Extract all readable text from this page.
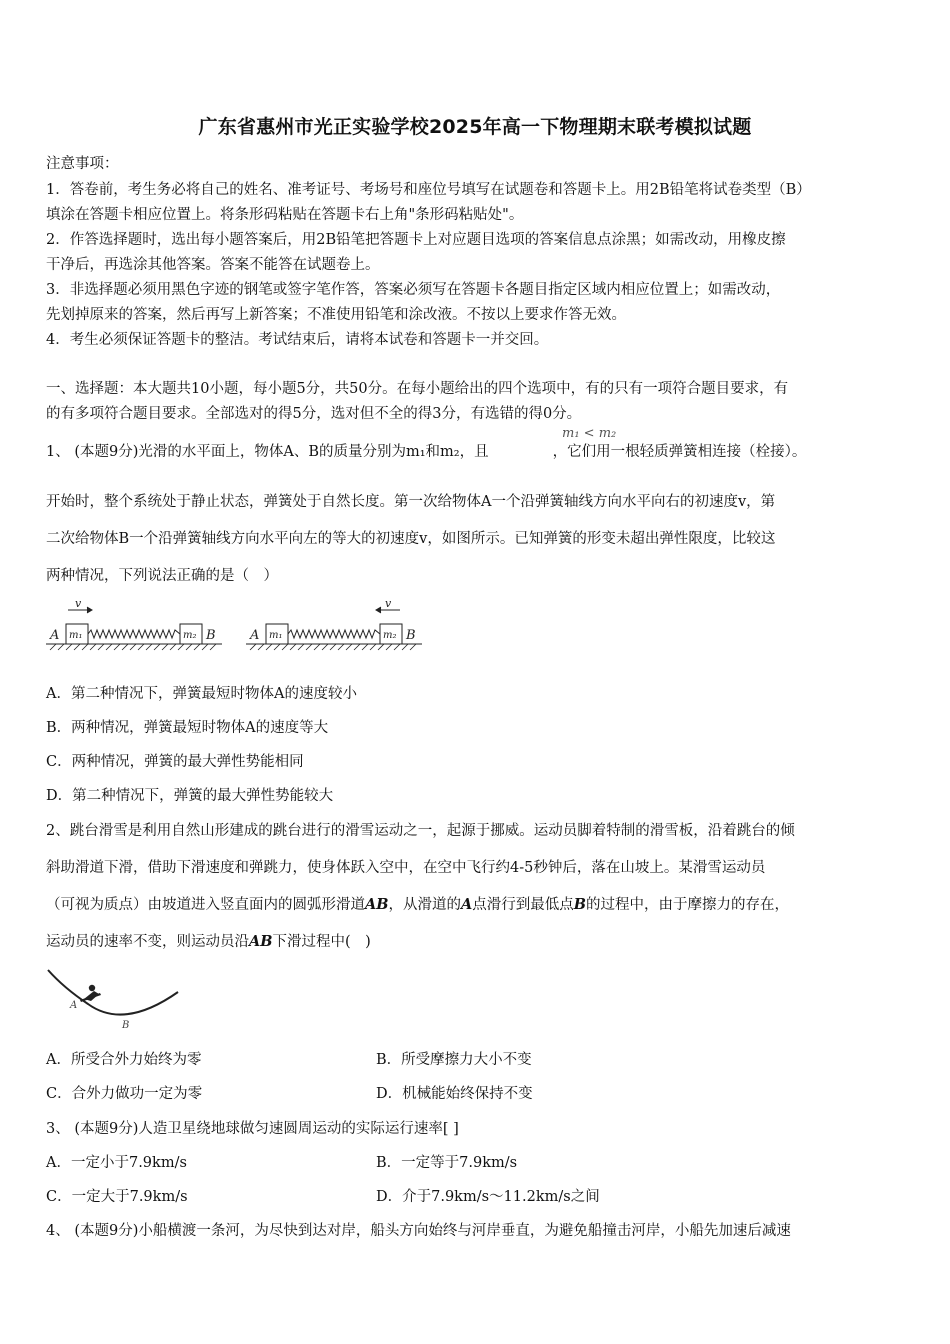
广东省惠州市光正实验学校2025年高一下物理期末联考模拟试题
注意事项：
1．答卷前，考生务必将自己的姓名、准考证号、考场号和座位号填写在试题卷和答题卡上。用2B铅笔将试卷类型（B）
填涂在答题卡相应位置上。将条形码粘贴在答题卡右上角"条形码粘贴处"。
2．作答选择题时，选出每小题答案后，用2B铅笔把答题卡上对应题目选项的答案信息点涂黑；如需改动，用橡皮擦
干净后，再选涂其他答案。答案不能答在试题卷上。
3．非选择题必须用黑色字迹的钢笔或签字笔作答，答案必须写在答题卡各题目指定区域内相应位置上；如需改动，
先划掉原来的答案，然后再写上新答案；不准使用铅笔和涂改液。不按以上要求作答无效。
4．考生必须保证答题卡的整洁。考试结束后，请将本试卷和答题卡一并交回。
一、选择题：本大题共10小题，每小题5分，共50分。在每小题给出的四个选项中，有的只有一项符合题目要求，有
的有多项符合题目要求。全部选对的得5分，选对但不全的得3分，有选错的得0分。
1、 (本题9分)光滑的水平面上，物体A、B的质量分别为m₁和m₂，且	，它们用一根轻质弹簧相连接（栓接）。
m₁ < m₂
开始时，整个系统处于静止状态，弹簧处于自然长度。第一次给物体A一个沿弹簧轴线方向水平向右的初速度v，第
二次给物体B一个沿弹簧轴线方向水平向左的等大的初速度v，如图所示。已知弹簧的形变未超出弹性限度，比较这
两种情况，下列说法正确的是（　）
A	B	A	B
v	v
m₁	m₂	m₁	m₂
A．第二种情况下，弹簧最短时物体A的速度较小
B．两种情况，弹簧最短时物体A的速度等大
C．两种情况，弹簧的最大弹性势能相同
D．第二种情况下，弹簧的最大弹性势能较大
2、跳台滑雪是利用自然山形建成的跳台进行的滑雪运动之一，起源于挪威。运动员脚着特制的滑雪板，沿着跳台的倾
斜助滑道下滑，借助下滑速度和弹跳力，使身体跃入空中，在空中飞行约4-5秒钟后，落在山坡上。某滑雪运动员
（可视为质点）由坡道进入竖直面内的圆弧形滑道AB，从滑道的A点滑行到最低点B的过程中，由于摩擦力的存在，
运动员的速率不变，则运动员沿AB下滑过程中(　)
A
B
A．所受合外力始终为零	B．所受摩擦力大小不变
C．合外力做功一定为零	D．机械能始终保持不变
3、 (本题9分)人造卫星绕地球做匀速圆周运动的实际运行速率[ ]
A．一定小于7.9km/s	B．一定等于7.9km/s
C．一定大于7.9km/s	D．介于7.9km/s～11.2km/s之间
4、 (本题9分)小船横渡一条河，为尽快到达对岸，船头方向始终与河岸垂直，为避免船撞击河岸，小船先加速后减速
